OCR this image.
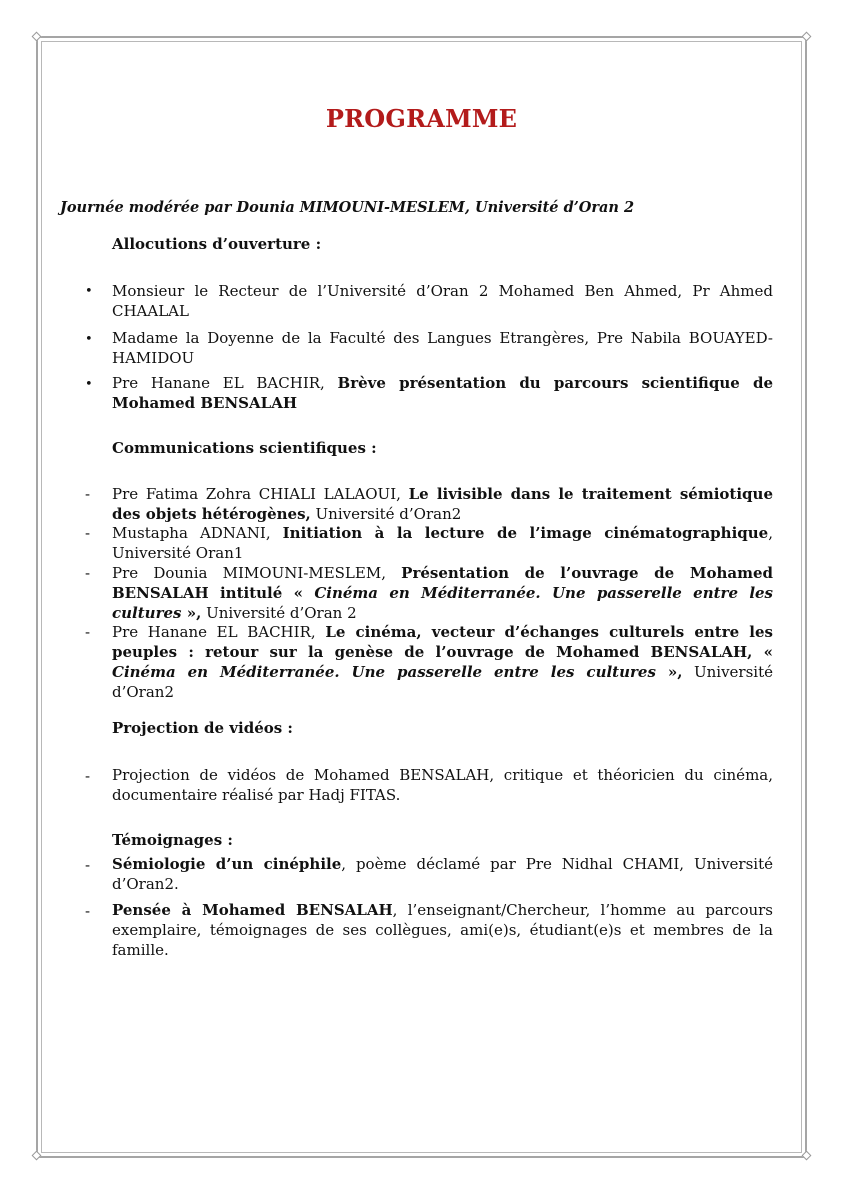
PROGRAMME
Journée modérée par Dounia MIMOUNI-MESLEM, Université d’Oran 2
Allocutions d’ouverture :
• Monsieur le Recteur de l’Université d’Oran 2 Mohamed Ben Ahmed, Pr Ahmed CHAALAL
• Madame la Doyenne de la Faculté des Langues Etrangères, Pre Nabila BOUAYED-HAMIDOU
• Pre Hanane EL BACHIR, Brève présentation du parcours scientifique de Mohamed BENSALAH
Communications scientifiques :
- Pre Fatima Zohra CHIALI LALAOUI, Le livisible dans le traitement sémiotique des objets hétérogènes, Université d’Oran2
- Mustapha ADNANI, Initiation à la lecture de l’image cinématographique, Université Oran1
- Pre Dounia MIMOUNI-MESLEM, Présentation de l’ouvrage de Mohamed BENSALAH intitulé « Cinéma en Méditerranée. Une passerelle entre les cultures », Université d’Oran 2
- Pre Hanane EL BACHIR, Le cinéma, vecteur d’échanges culturels entre les peuples : retour sur la genèse de l’ouvrage de Mohamed BENSALAH, « Cinéma en Méditerranée. Une passerelle entre les cultures », Université d’Oran2
Projection de vidéos :
- Projection de vidéos de Mohamed BENSALAH, critique et théoricien du cinéma, documentaire réalisé par Hadj FITAS.
Témoignages :
- Sémiologie d’un cinéphile, poème déclamé par Pre Nidhal CHAMI, Université d’Oran2.
- Pensée à Mohamed BENSALAH, l’enseignant/Chercheur, l’homme au parcours exemplaire, témoignages de ses collègues, ami(e)s, étudiant(e)s et membres de la famille.
